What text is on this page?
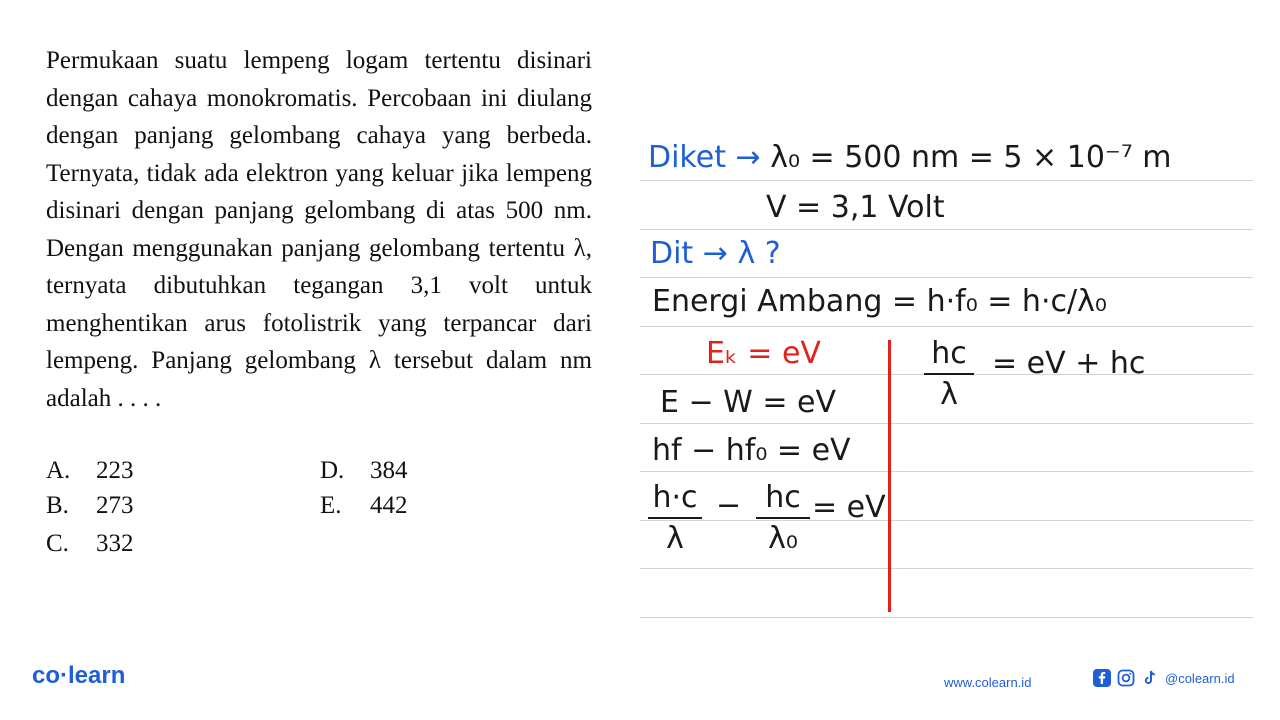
Permukaan suatu lempeng logam tertentu disinari dengan cahaya monokromatis. Percobaan ini diulang dengan panjang gelombang cahaya yang berbeda. Ternyata, tidak ada elektron yang keluar jika lempeng disinari dengan panjang gelombang di atas 500 nm. Dengan menggunakan panjang gelombang tertentu λ, ternyata dibutuhkan tegangan 3,1 volt untuk menghentikan arus fotolistrik yang terpancar dari lempeng. Panjang gelombang λ tersebut dalam nm adalah . . . .

A. 223
B. 273
C. 332
D. 384
E. 442
Diket → λ₀ = 500 nm = 5 × 10⁻⁷ m
V = 3,1 Volt
Dit → λ ?
Energi Ambang = h·f₀ = h·c/λ₀
Eₖ = eV
E − W = eV
hf − hf₀ = eV
h·c
λ
− hc
λ₀
= eV
hc
λ
= eV + hc
co·learn	www.colearn.id	@colearn.id
